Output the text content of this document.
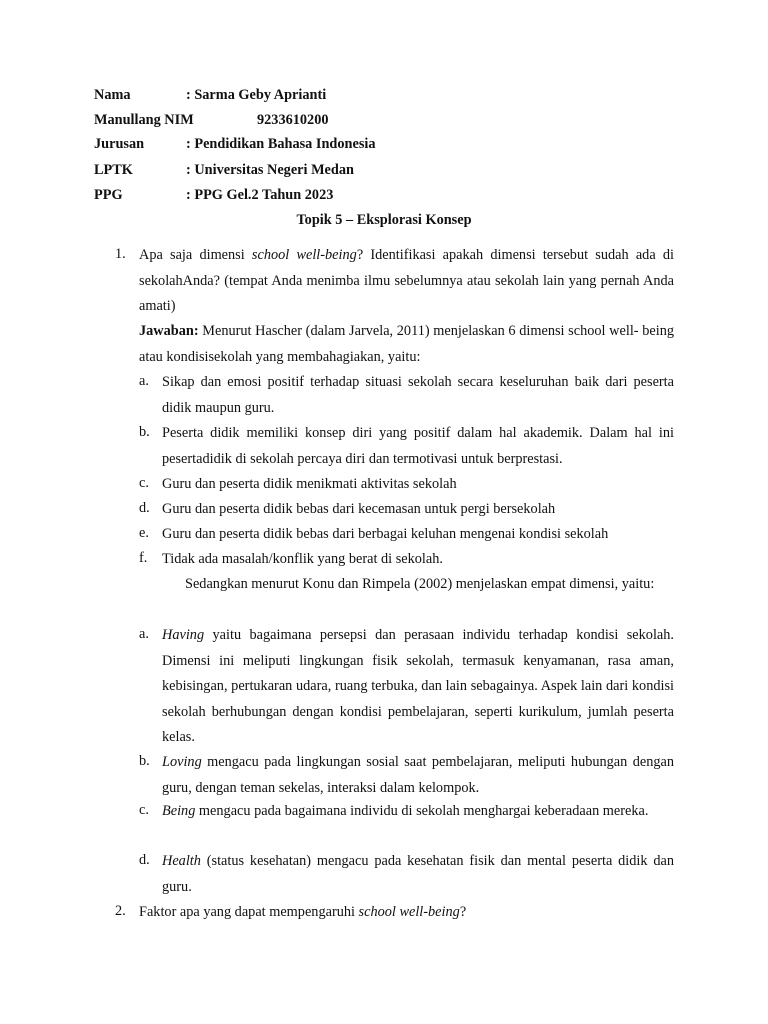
Nama	: Sarma Geby Aprianti
Manullang NIM	9233610200
Jurusan	: Pendidikan Bahasa Indonesia
LPTK	: Universitas Negeri Medan
PPG	: PPG Gel.2 Tahun 2023
Topik 5 – Eksplorasi Konsep
1. Apa saja dimensi school well-being? Identifikasi apakah dimensi tersebut sudah ada di sekolahAnda? (tempat Anda menimba ilmu sebelumnya atau sekolah lain yang pernah Anda amati)
Jawaban: Menurut Hascher (dalam Jarvela, 2011) menjelaskan 6 dimensi school well- being atau kondisisekolah yang membahagiakan, yaitu:
a. Sikap dan emosi positif terhadap situasi sekolah secara keseluruhan baik dari peserta didik maupun guru.
b. Peserta didik memiliki konsep diri yang positif dalam hal akademik. Dalam hal ini pesertadidik di sekolah percaya diri dan termotivasi untuk berprestasi.
c. Guru dan peserta didik menikmati aktivitas sekolah
d. Guru dan peserta didik bebas dari kecemasan untuk pergi bersekolah
e. Guru dan peserta didik bebas dari berbagai keluhan mengenai kondisi sekolah
f. Tidak ada masalah/konflik yang berat di sekolah.
Sedangkan menurut Konu dan Rimpela (2002) menjelaskan empat dimensi, yaitu:
a. Having yaitu bagaimana persepsi dan perasaan individu terhadap kondisi sekolah. Dimensi ini meliputi lingkungan fisik sekolah, termasuk kenyamanan, rasa aman, kebisingan, pertukaran udara, ruang terbuka, dan lain sebagainya. Aspek lain dari kondisi sekolah berhubungan dengan kondisi pembelajaran, seperti kurikulum, jumlah peserta kelas.
b. Loving mengacu pada lingkungan sosial saat pembelajaran, meliputi hubungan dengan guru, dengan teman sekelas, interaksi dalam kelompok.
c. Being mengacu pada bagaimana individu di sekolah menghargai keberadaan mereka.
d. Health (status kesehatan) mengacu pada kesehatan fisik dan mental peserta didik dan guru.
2. Faktor apa yang dapat mempengaruhi school well-being?
